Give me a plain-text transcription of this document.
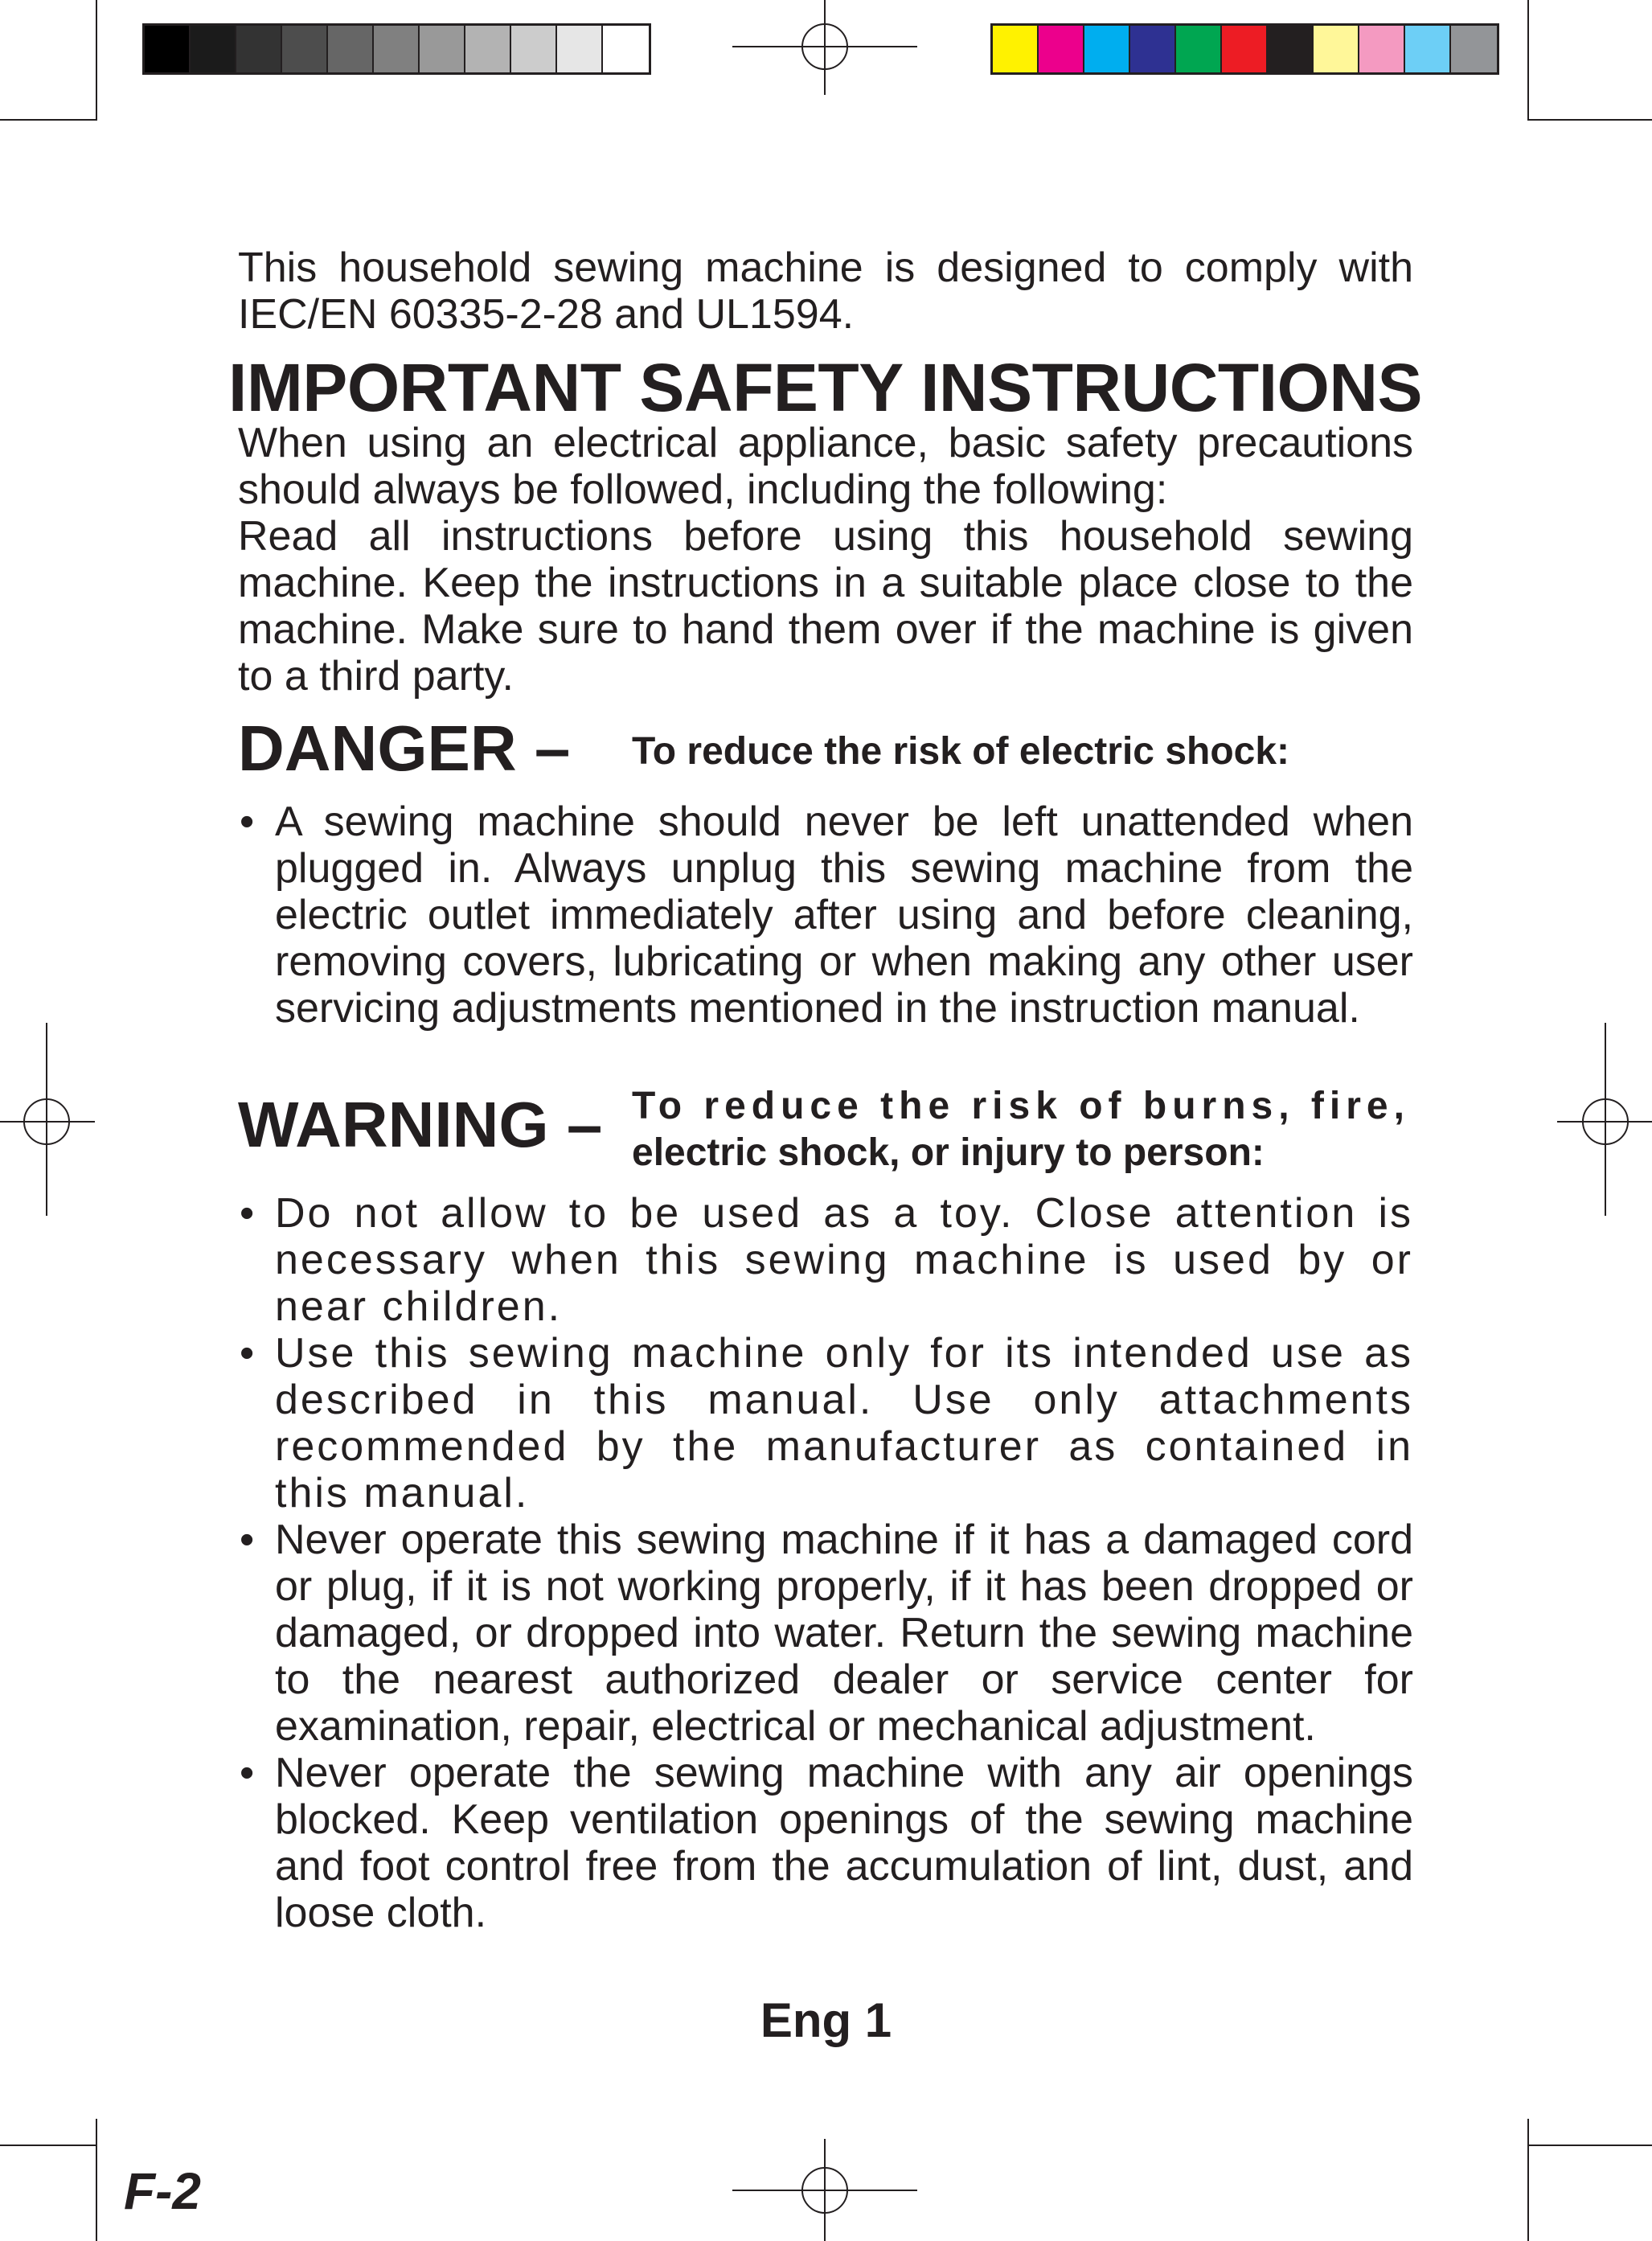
This household sewing machine is designed to comply with IEC/EN 60335-2-28 and UL1594.

IMPORTANT SAFETY INSTRUCTIONS

When using an electrical appliance, basic safety precautions should always be followed, including the following:

Read all instructions before using this household sewing machine. Keep the instructions in a suitable place close to the machine. Make sure to hand them over if the machine is given to a third party.

DANGER – To reduce the risk of electric shock:
• A sewing machine should never be left unattended when plugged in. Always unplug this sewing machine from the electric outlet immediately after using and before cleaning, removing covers, lubricating or when making any other user servicing adjustments mentioned in the instruction manual.
WARNING – To reduce the risk of burns, fire,
electric shock, or injury to person:
• Do not allow to be used as a toy. Close attention is necessary when this sewing machine is used by or near children.
• Use this sewing machine only for its intended use as described in this manual. Use only attachments recommended by the manufacturer as contained in this manual.
• Never operate this sewing machine if it has a damaged cord or plug, if it is not working properly, if it has been dropped or damaged, or dropped into water. Return the sewing machine to the nearest authorized dealer or service center for examination, repair, electrical or mechanical adjustment.
• Never operate the sewing machine with any air openings blocked. Keep ventilation openings of the sewing machine and foot control free from the accumulation of lint, dust, and loose cloth.

Eng 1

F-2
